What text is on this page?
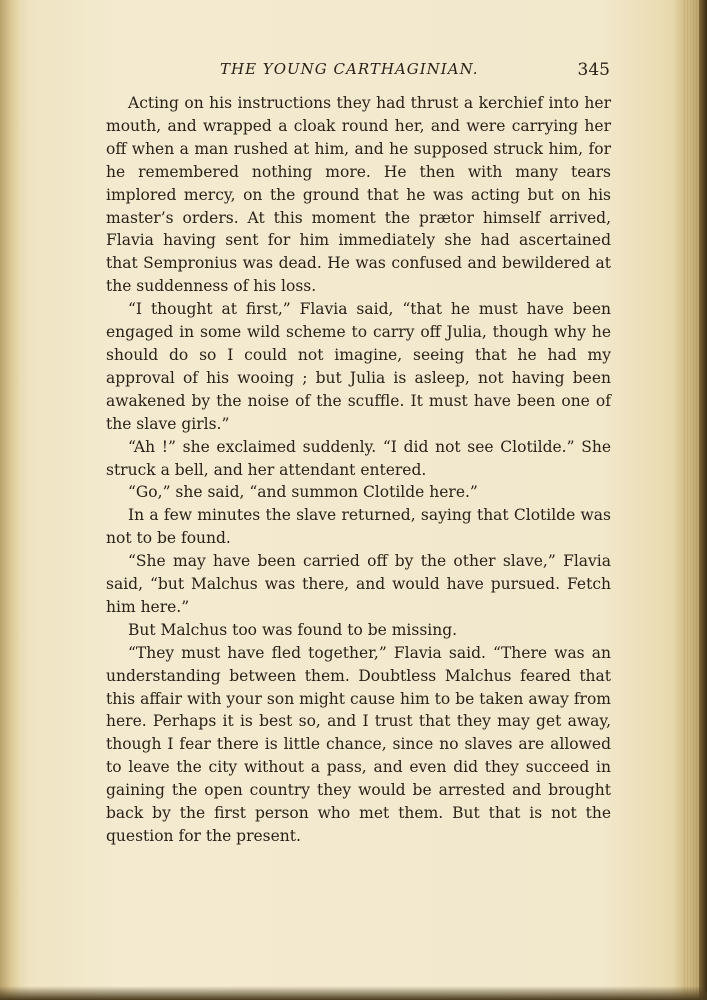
THE YOUNG CARTHAGINIAN.	345

Acting on his instructions they had thrust a kerchief into her mouth, and wrapped a cloak round her, and were carrying her off when a man rushed at him, and he supposed struck him, for he remembered nothing more. He then with many tears implored mercy, on the ground that he was acting but on his master’s orders. At this moment the prætor himself arrived, Flavia having sent for him immediately she had ascertained that Sempronius was dead. He was confused and bewildered at the suddenness of his loss.

“I thought at first,” Flavia said, “that he must have been engaged in some wild scheme to carry off Julia, though why he should do so I could not imagine, seeing that he had my approval of his wooing ; but Julia is asleep, not having been awakened by the noise of the scuffle. It must have been one of the slave girls.”

“Ah !” she exclaimed suddenly. “I did not see Clotilde.” She struck a bell, and her attendant entered.

“Go,” she said, “and summon Clotilde here.”

In a few minutes the slave returned, saying that Clotilde was not to be found.

“She may have been carried off by the other slave,” Flavia said, “but Malchus was there, and would have pursued. Fetch him here.”

But Malchus too was found to be missing.

“They must have fled together,” Flavia said. “There was an understanding between them. Doubtless Malchus feared that this affair with your son might cause him to be taken away from here. Perhaps it is best so, and I trust that they may get away, though I fear there is little chance, since no slaves are allowed to leave the city without a pass, and even did they succeed in gaining the open country they would be arrested and brought back by the first person who met them. But that is not the question for the present.
